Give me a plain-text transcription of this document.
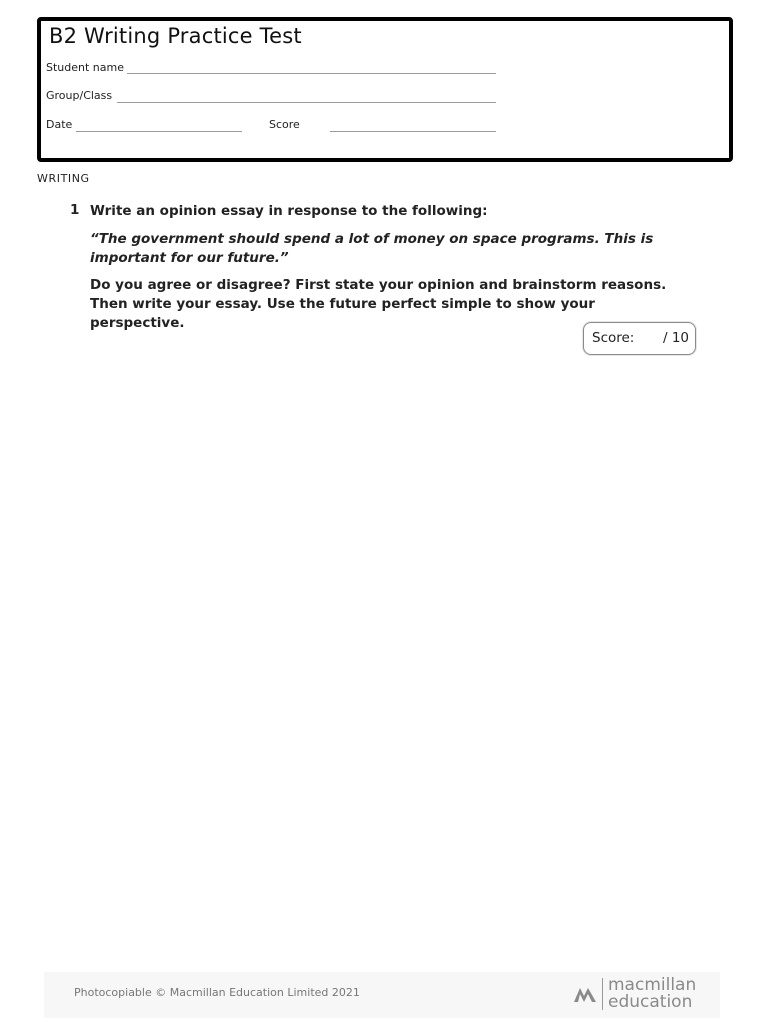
B2 Writing Practice Test
Student name
Group/Class
Date	Score
WRITING
1 Write an opinion essay in response to the following:
“The government should spend a lot of money on space programs. This is important for our future.”
Do you agree or disagree? First state your opinion and brainstorm reasons. Then write your essay. Use the future perfect simple to show your perspective.
Score: / 10
Photocopiable © Macmillan Education Limited 2021	macmillan
education
